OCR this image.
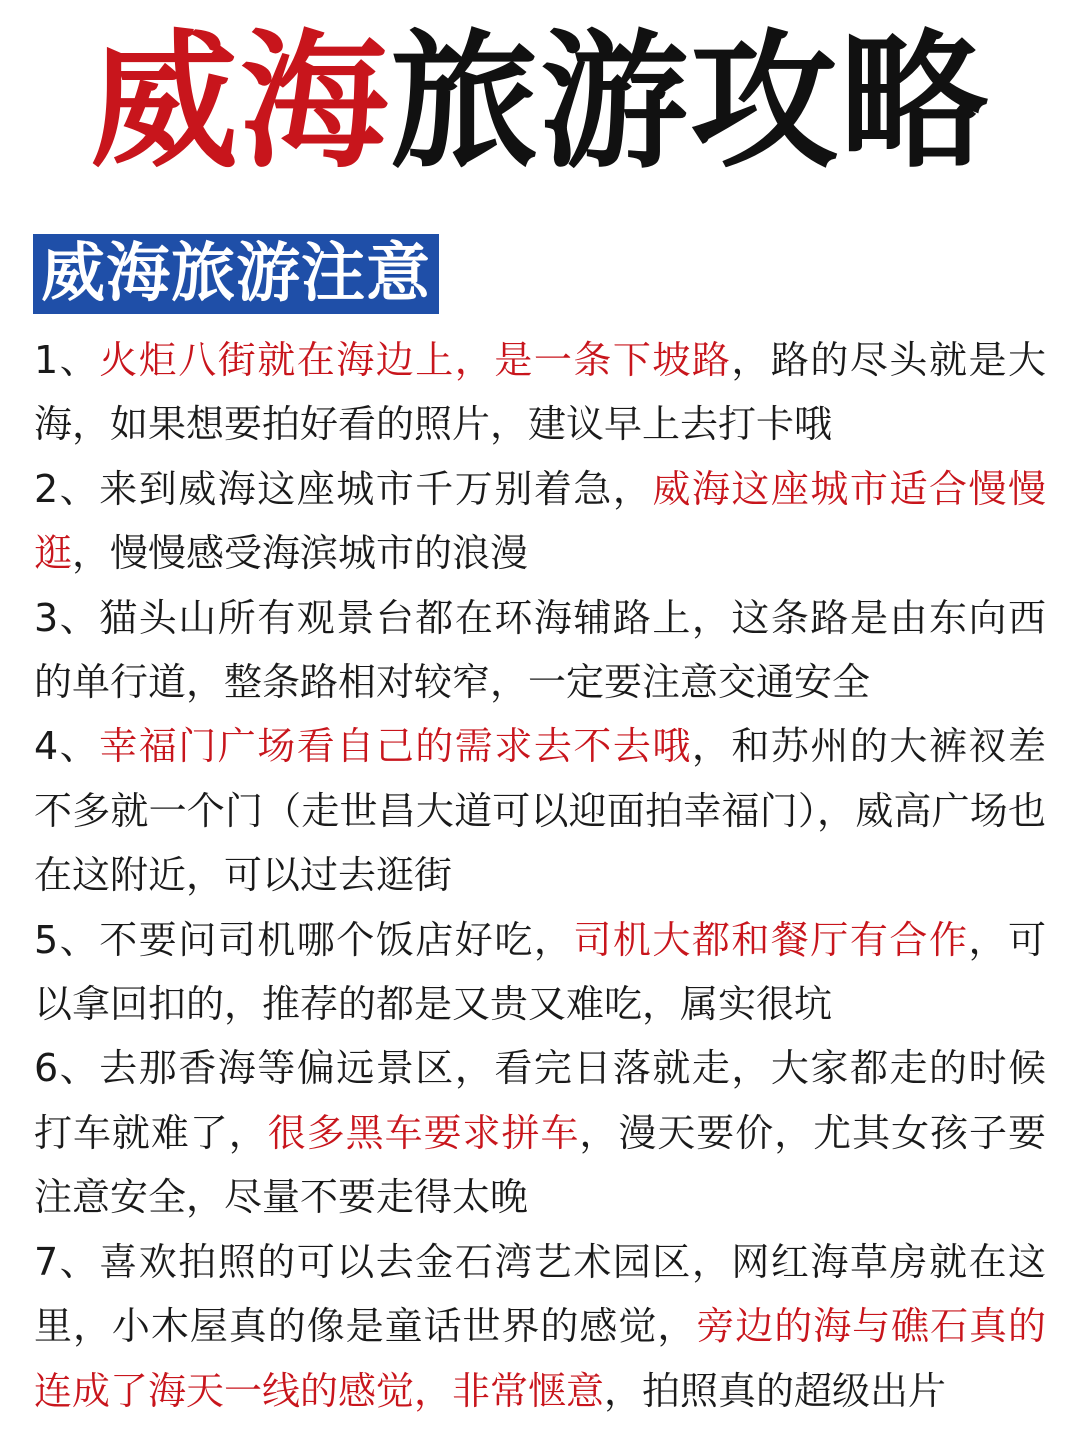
威海旅游攻略
威海旅游注意
1、火炬八街就在海边上，是一条下坡路，路的尽头就是大海，如果想要拍好看的照片，建议早上去打卡哦
2、来到威海这座城市千万别着急，威海这座城市适合慢慢逛，慢慢感受海滨城市的浪漫
3、猫头山所有观景台都在环海辅路上，这条路是由东向西的单行道，整条路相对较窄，一定要注意交通安全
4、幸福门广场看自己的需求去不去哦，和苏州的大裤衩差不多就一个门（走世昌大道可以迎面拍幸福门），威高广场也在这附近，可以过去逛街
5、不要问司机哪个饭店好吃，司机大都和餐厅有合作，可以拿回扣的，推荐的都是又贵又难吃，属实很坑
6、去那香海等偏远景区，看完日落就走，大家都走的时候打车就难了，很多黑车要求拼车，漫天要价，尤其女孩子要注意安全，尽量不要走得太晚
7、喜欢拍照的可以去金石湾艺术园区，网红海草房就在这里，小木屋真的像是童话世界的感觉，旁边的海与礁石真的连成了海天一线的感觉，非常惬意，拍照真的超级出片
